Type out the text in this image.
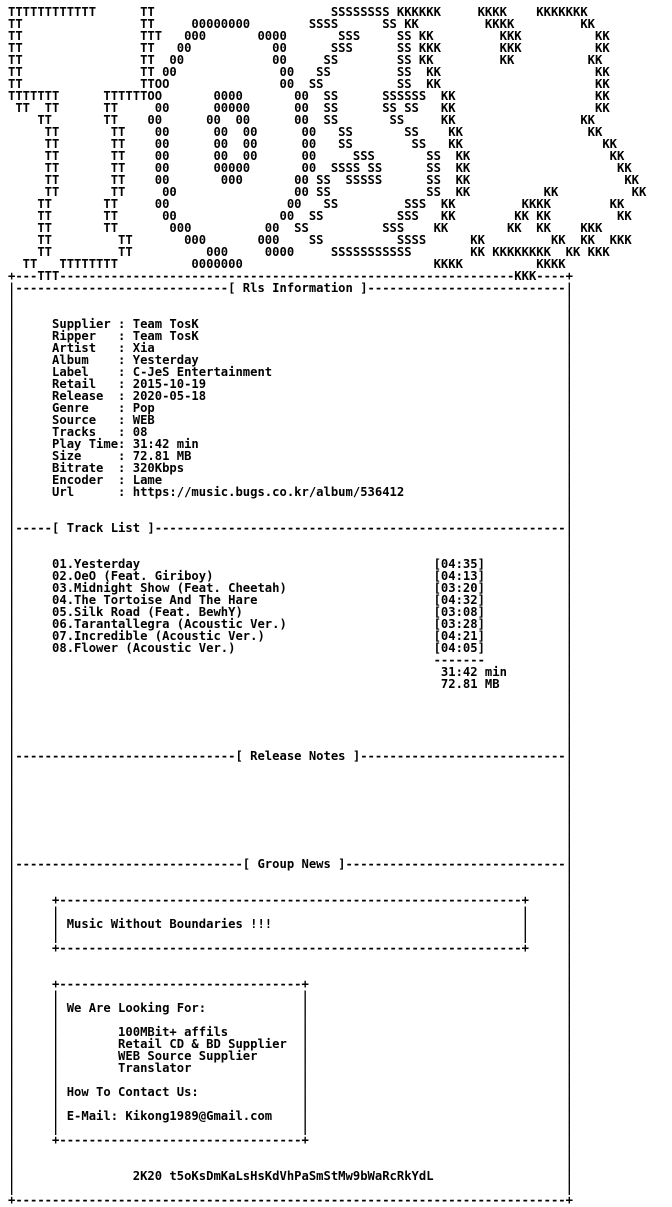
TTTTTTTTTTTT      TT                        SSSSSSSS KKKKKK     KKKK    KKKKKKK
TT                TT     00000000        SSSS      SS KK         KKKK         KK
TT                TTT   000       0000       SSS     SS KK         KKK          KK
TT                TT   00           00      SSS      SS KKK        KKK          KK
TT                TT  00            00     SS        SS KK         KK          KK
TT                TT 00              00   SS         SS  KK                     KK
TT                TTOO               00  SS          SS  KK                     KK
TTTTTTT      TTTTTTOO       0000       00  SS      SSSSSS  KK                   KK
TT  TT      TT     00      00000      00  SS      SS SS   KK                   KK
TT       TT    00      00  00      00  SS       SS     KK                 KK
TT       TT    00      00  00      00   SS       SS    KK                 KK
TT       TT    00      00  00      00   SS        SS   KK                   KK
TT       TT    00      00  00      00     SSS       SS  KK                   KK
TT       TT    00      00000       00  SSSS SS      SS  KK                    KK
TT       TT    00       000       00 SS  SSSSS      SS  KK                     KK
TT       TT     00                00 SS             SS  KK          KK          KK
TT       TT     00                00   SS         SSS  KK         KKKK        KK
TT       TT      00              00  SS          SSS   KK        KK KK         KK
TT       TT       000          00  SS          SSS    KK        KK  KK    KKK
TT         TT       000       000    SS          SSSS      KK         KK  KK  KKK
TT         TT          000     0000     SSSSSSSSSSS        KK KKKKKKKK  KK KKK
TT   TTTTTTTT          0000000                          KKKK          KKKK
+---TTT--------------------------------------------------------------KKK----+
|-----------------------------[ Rls Information ]---------------------------|
|                                                                           |
|                                                                           |
|     Supplier : Team TosK                                                  |
|     Ripper   : Team TosK                                                  |
|     Artist   : Xia                                                        |
|     Album    : Yesterday                                                  |
|     Label    : C-JeS Entertainment                                        |
|     Retail   : 2015-10-19                                                 |
|     Release  : 2020-05-18                                                 |
|     Genre    : Pop                                                        |
|     Source   : WEB                                                        |
|     Tracks   : 08                                                         |
|     Play Time: 31:42 min                                                  |
|     Size     : 72.81 MB                                                   |
|     Bitrate  : 320Kbps                                                    |
|     Encoder  : Lame                                                       |
|     Url      : https://music.bugs.co.kr/album/536412                      |
|                                                                           |
|                                                                           |
|-----[ Track List ]--------------------------------------------------------|
|                                                                           |
|                                                                           |
|     01.Yesterday                                        [04:35]           |
|     02.OeO (Feat. Giriboy)                              [04:13]           |
|     03.Midnight Show (Feat. Cheetah)                    [03:20]           |
|     04.The Tortoise And The Hare                        [04:32]           |
|     05.Silk Road (Feat. BewhY)                          [03:08]           |
|     06.Tarantallegra (Acoustic Ver.)                    [03:28]           |
|     07.Incredible (Acoustic Ver.)                       [04:21]           |
|     08.Flower (Acoustic Ver.)                           [04:05]           |
|                                                         -------           |
|                                                          31:42 min        |
|                                                          72.81 MB         |
|                                                                           |
|                                                                           |
|                                                                           |
|                                                                           |
|                                                                           |
|------------------------------[ Release Notes ]----------------------------|
|                                                                           |
|                                                                           |
|                                                                           |
|                                                                           |
|                                                                           |
|                                                                           |
|                                                                           |
|                                                                           |
|-------------------------------[ Group News ]------------------------------|
|                                                                           |
|                                                                           |
|     +---------------------------------------------------------------+     |
|     |                                                               |     |
|     | Music Without Boundaries !!!                                  |     |
|     |                                                               |     |
|     +---------------------------------------------------------------+     |
|                                                                           |
|                                                                           |
|     +---------------------------------+                                   |
|     |                                 |                                   |
|     | We Are Looking For:             |                                   |
|     |                                 |                                   |
|     |        100MBit+ affils          |                                   |
|     |        Retail CD & BD Supplier  |                                   |
|     |        WEB Source Supplier      |                                   |
|     |        Translator               |                                   |
|     |                                 |                                   |
|     | How To Contact Us:              |                                   |
|     |                                 |                                   |
|     | E-Mail: Kikong1989@Gmail.com    |                                   |
|     |                                 |                                   |
|     +---------------------------------+                                   |
|                                                                           |
|                                                                           |
|                2K20 t5oKsDmKaLsHsKdVhPaSmStMw9bWaRcRkYdL                  |
|                                                                           |
+---------------------------------------------------------------------------+
